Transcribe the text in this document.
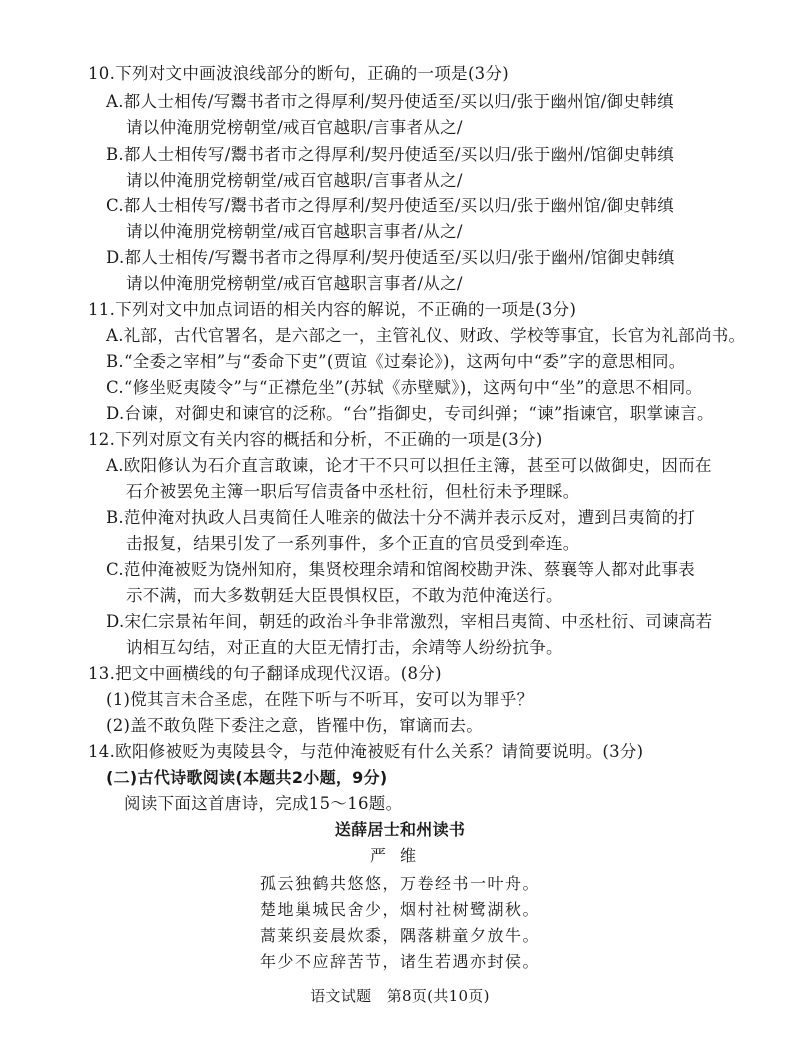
10.下列对文中画波浪线部分的断句，正确的一项是(3分)
A.都人士相传/写鬻书者市之得厚利/契丹使适至/买以归/张于幽州馆/御史韩缜
请以仲淹朋党榜朝堂/戒百官越职/言事者从之/
B.都人士相传写/鬻书者市之得厚利/契丹使适至/买以归/张于幽州/馆御史韩缜
请以仲淹朋党榜朝堂/戒百官越职/言事者从之/
C.都人士相传写/鬻书者市之得厚利/契丹使适至/买以归/张于幽州馆/御史韩缜
请以仲淹朋党榜朝堂/戒百官越职言事者/从之/
D.都人士相传/写鬻书者市之得厚利/契丹使适至/买以归/张于幽州/馆御史韩缜
请以仲淹朋党榜朝堂/戒百官越职言事者/从之/
11.下列对文中加点词语的相关内容的解说，不正确的一项是(3分)
A.礼部，古代官署名，是六部之一，主管礼仪、财政、学校等事宜，长官为礼部尚书。
B.“全委之宰相”与“委命下吏”(贾谊《过秦论》)，这两句中“委”字的意思相同。
C.“修坐贬夷陵令”与“正襟危坐”(苏轼《赤壁赋》)，这两句中“坐”的意思不相同。
D.台谏，对御史和谏官的泛称。“台”指御史，专司纠弹；“谏”指谏官，职掌谏言。
12.下列对原文有关内容的概括和分析，不正确的一项是(3分)
A.欧阳修认为石介直言敢谏，论才干不只可以担任主簿，甚至可以做御史，因而在
石介被罢免主簿一职后写信责备中丞杜衍，但杜衍未予理睬。
B.范仲淹对执政人吕夷简任人唯亲的做法十分不满并表示反对，遭到吕夷简的打
击报复，结果引发了一系列事件，多个正直的官员受到牵连。
C.范仲淹被贬为饶州知府，集贤校理余靖和馆阁校勘尹洙、蔡襄等人都对此事表
示不满，而大多数朝廷大臣畏惧权臣，不敢为范仲淹送行。
D.宋仁宗景祐年间，朝廷的政治斗争非常激烈，宰相吕夷简、中丞杜衍、司谏高若
讷相互勾结，对正直的大臣无情打击，余靖等人纷纷抗争。
13.把文中画横线的句子翻译成现代汉语。(8分)
(1)傥其言未合圣虑，在陛下听与不听耳，安可以为罪乎？
(2)盖不敢负陛下委注之意，皆罹中伤，窜谪而去。
14.欧阳修被贬为夷陵县令，与范仲淹被贬有什么关系？请简要说明。(3分)
(二)古代诗歌阅读(本题共2小题，9分)
阅读下面这首唐诗，完成15～16题。
送薛居士和州读书
严维
孤云独鹤共悠悠，万卷经书一叶舟。
楚地巢城民舍少，烟村社树鹭湖秋。
蒿莱织妾晨炊黍，隅落耕童夕放牛。
年少不应辞苦节，诸生若遇亦封侯。
语文试题　第8页(共10页)
